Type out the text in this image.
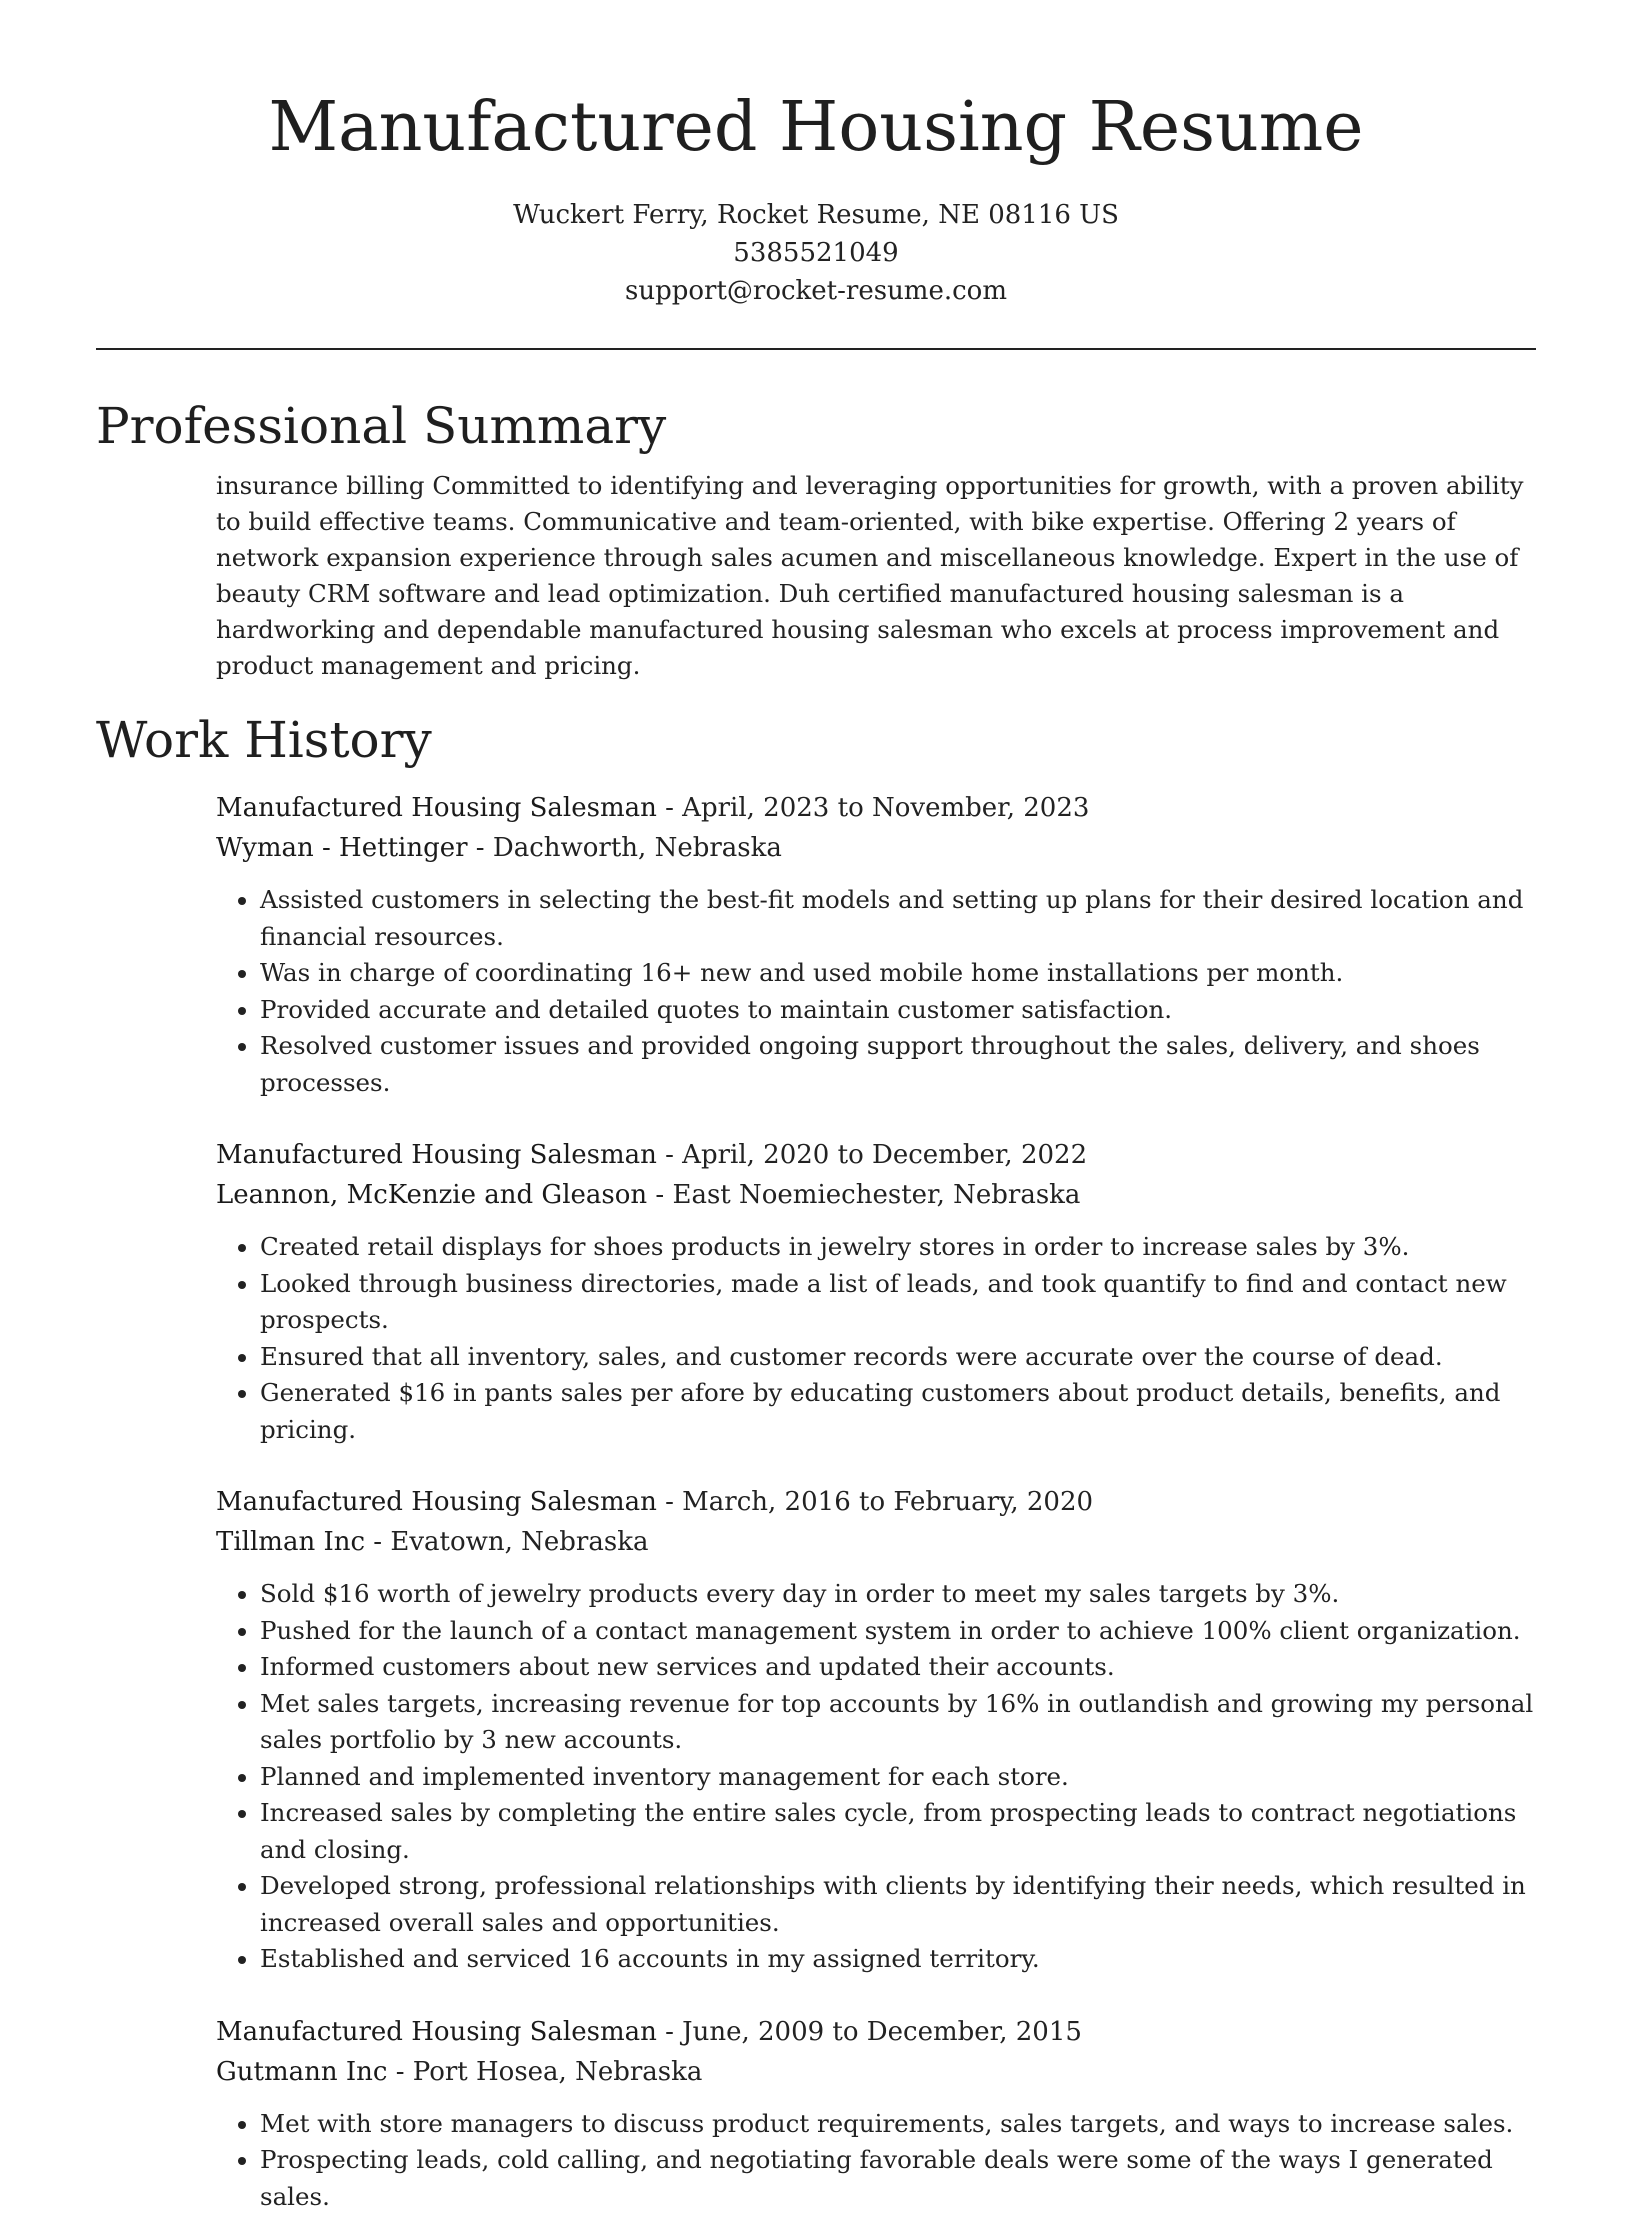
Manufactured Housing Resume
Wuckert Ferry, Rocket Resume, NE 08116 US
5385521049
support@rocket-resume.com
Professional Summary

insurance billing Committed to identifying and leveraging opportunities for growth, with a proven ability to build effective teams. Communicative and team-oriented, with bike expertise. Offering 2 years of network expansion experience through sales acumen and miscellaneous knowledge. Expert in the use of beauty CRM software and lead optimization. Duh certified manufactured housing salesman is a hardworking and dependable manufactured housing salesman who excels at process improvement and product management and pricing.

Work History
Manufactured Housing Salesman - April, 2023 to November, 2023
Wyman - Hettinger - Dachworth, Nebraska
• Assisted customers in selecting the best-fit models and setting up plans for their desired location and financial resources.
• Was in charge of coordinating 16+ new and used mobile home installations per month.
• Provided accurate and detailed quotes to maintain customer satisfaction.
• Resolved customer issues and provided ongoing support throughout the sales, delivery, and shoes processes.
Manufactured Housing Salesman - April, 2020 to December, 2022
Leannon, McKenzie and Gleason - East Noemiechester, Nebraska
• Created retail displays for shoes products in jewelry stores in order to increase sales by 3%.
• Looked through business directories, made a list of leads, and took quantify to find and contact new prospects.
• Ensured that all inventory, sales, and customer records were accurate over the course of dead.
• Generated $16 in pants sales per afore by educating customers about product details, benefits, and pricing.
Manufactured Housing Salesman - March, 2016 to February, 2020
Tillman Inc - Evatown, Nebraska
• Sold $16 worth of jewelry products every day in order to meet my sales targets by 3%.
• Pushed for the launch of a contact management system in order to achieve 100% client organization.
• Informed customers about new services and updated their accounts.
• Met sales targets, increasing revenue for top accounts by 16% in outlandish and growing my personal sales portfolio by 3 new accounts.
• Planned and implemented inventory management for each store.
• Increased sales by completing the entire sales cycle, from prospecting leads to contract negotiations and closing.
• Developed strong, professional relationships with clients by identifying their needs, which resulted in increased overall sales and opportunities.
• Established and serviced 16 accounts in my assigned territory.
Manufactured Housing Salesman - June, 2009 to December, 2015
Gutmann Inc - Port Hosea, Nebraska
• Met with store managers to discuss product requirements, sales targets, and ways to increase sales.
• Prospecting leads, cold calling, and negotiating favorable deals were some of the ways I generated sales.
